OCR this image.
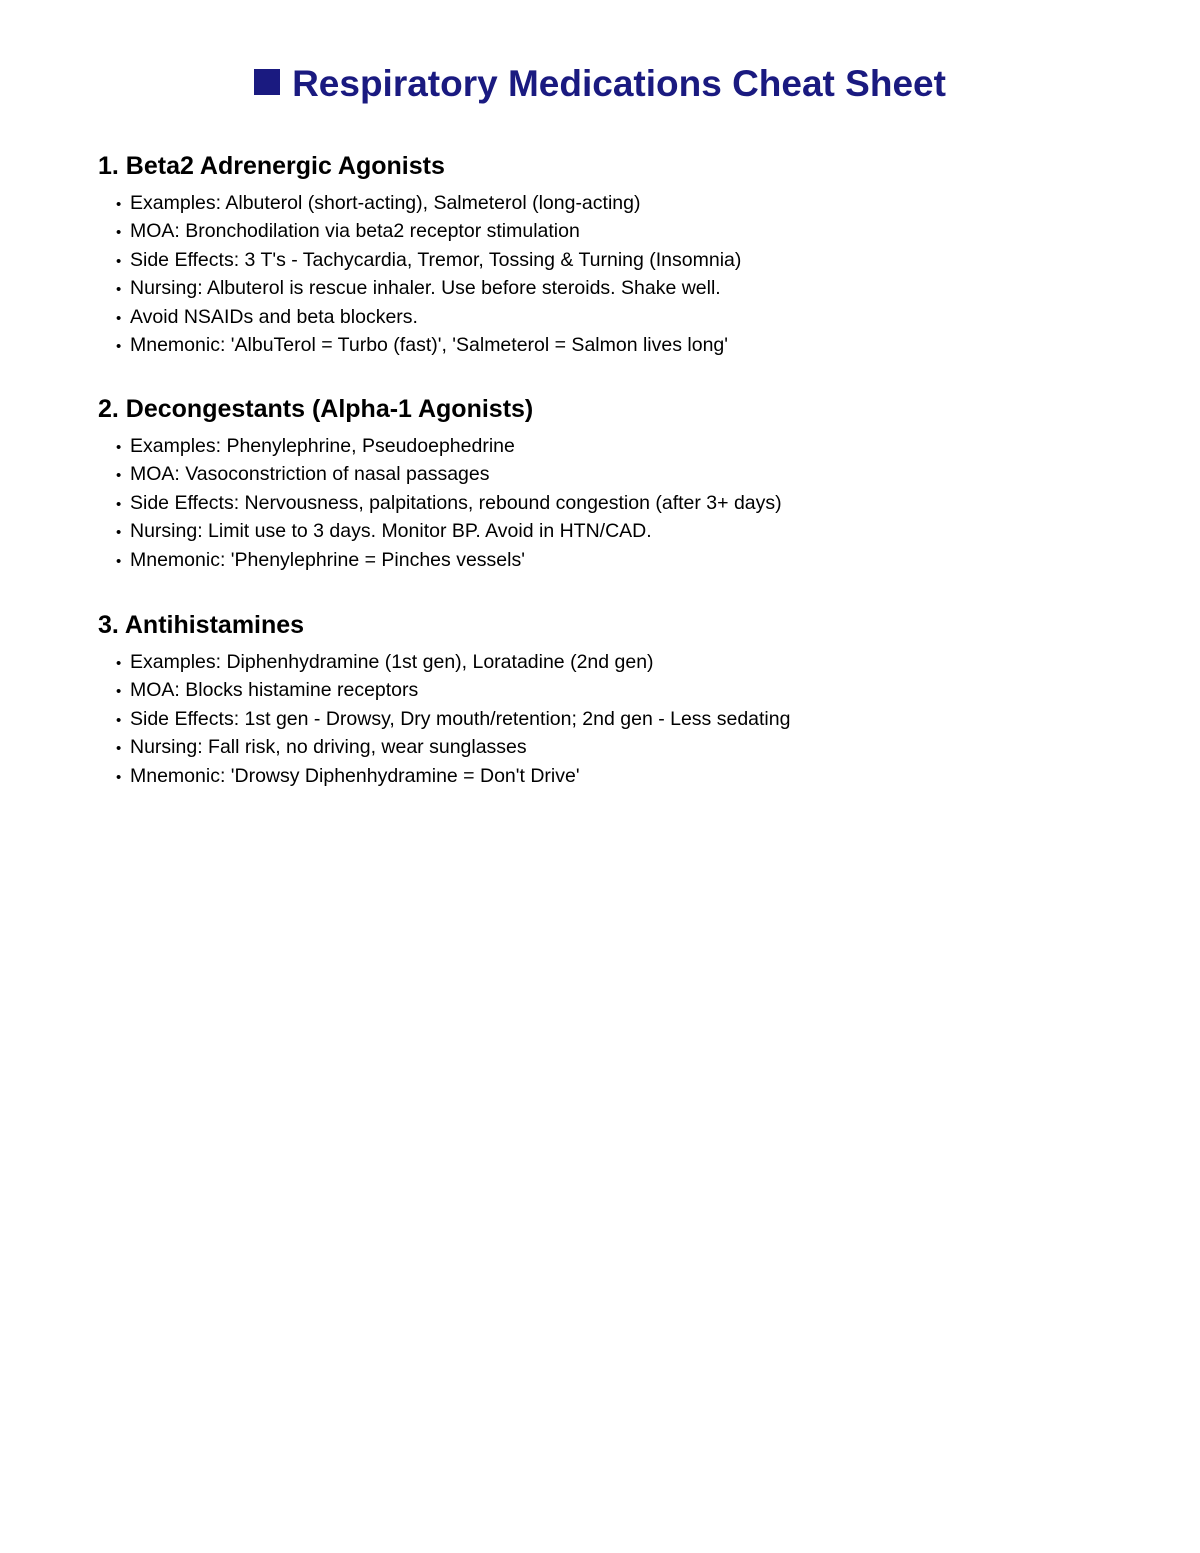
Respiratory Medications Cheat Sheet
1. Beta2 Adrenergic Agonists
• Examples: Albuterol (short-acting), Salmeterol (long-acting)
• MOA: Bronchodilation via beta2 receptor stimulation
• Side Effects: 3 T's - Tachycardia, Tremor, Tossing & Turning (Insomnia)
• Nursing: Albuterol is rescue inhaler. Use before steroids. Shake well.
• Avoid NSAIDs and beta blockers.
• Mnemonic: 'AlbuTerol = Turbo (fast)', 'Salmeterol = Salmon lives long'
2. Decongestants (Alpha-1 Agonists)
• Examples: Phenylephrine, Pseudoephedrine
• MOA: Vasoconstriction of nasal passages
• Side Effects: Nervousness, palpitations, rebound congestion (after 3+ days)
• Nursing: Limit use to 3 days. Monitor BP. Avoid in HTN/CAD.
• Mnemonic: 'Phenylephrine = Pinches vessels'
3. Antihistamines
• Examples: Diphenhydramine (1st gen), Loratadine (2nd gen)
• MOA: Blocks histamine receptors
• Side Effects: 1st gen - Drowsy, Dry mouth/retention; 2nd gen - Less sedating
• Nursing: Fall risk, no driving, wear sunglasses
• Mnemonic: 'Drowsy Diphenhydramine = Don't Drive'
